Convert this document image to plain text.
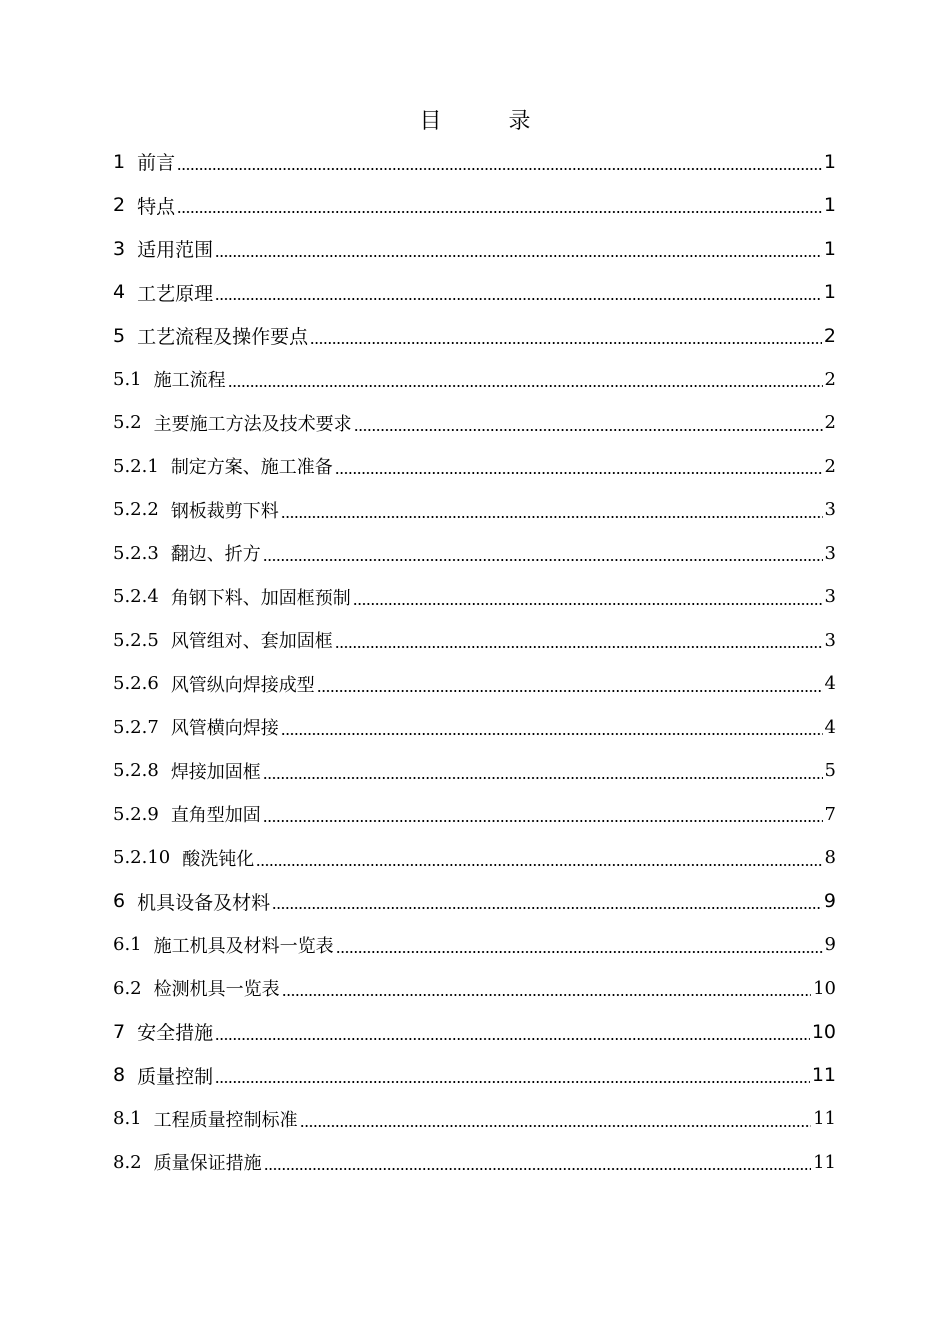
目 录
1 前言	1
2 特点	1
3 适用范围	1
4 工艺原理	1
5 工艺流程及操作要点	2
5.1 施工流程	2
5.2 主要施工方法及技术要求	2
5.2.1 制定方案、施工准备	2
5.2.2 钢板裁剪下料	3
5.2.3 翻边、折方	3
5.2.4 角钢下料、加固框预制	3
5.2.5 风管组对、套加固框	3
5.2.6 风管纵向焊接成型	4
5.2.7 风管横向焊接	4
5.2.8 焊接加固框	5
5.2.9 直角型加固	7
5.2.10 酸洗钝化	8
6 机具设备及材料	9
6.1 施工机具及材料一览表	9
6.2 检测机具一览表	10
7 安全措施	10
8 质量控制	11
8.1 工程质量控制标准	11
8.2 质量保证措施	11
